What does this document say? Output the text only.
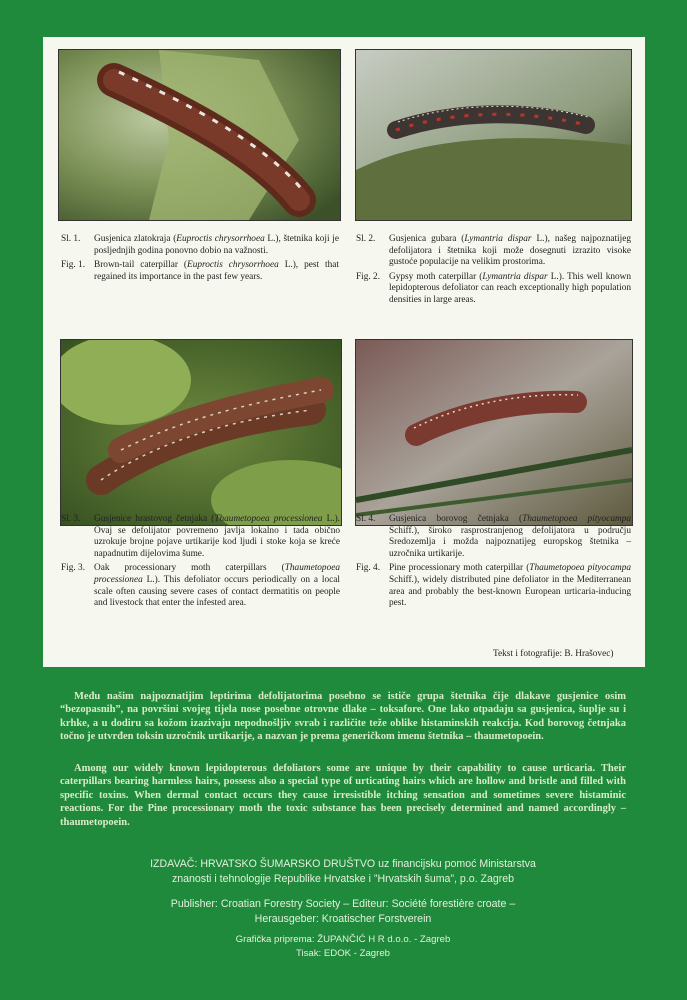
Sl. 1.	Gusjenica zlatokraja (Euproctis chrysorrhoea L.), štetnika koji je posljednjih godina ponovno dobio na važnosti.
Fig. 1. Brown-tail caterpillar (Euproctis chrysorrhoea L.), pest that regained its importance in the past few years.
Sl. 2.	Gusjenica gubara (Lymantria dispar L.), našeg najpoznatijeg defolijatora i štetnika koji može dosegnuti izrazito visoke gustoće populacije na velikim prostorima.
Fig. 2. Gypsy moth caterpillar (Lymantria dispar L.). This well known lepidopterous defoliator can reach exceptionally high population densities in large areas.
Sl. 3.	Gusjenice hrastovog četnjaka (Thaumetopoea processionea L.). Ovaj se defolijator povremeno javlja lokalno i tada obično uzrokuje brojne pojave urtikarije kod ljudi i stoke koja se kreće napadnutim dijelovima šume.
Fig. 3. Oak processionary moth caterpillars (Thaumetopoea processionea L.). This defoliator occurs periodically on a local scale often causing severe cases of contact dermatitis on people and livestock that enter the infested area.
Sl. 4.	Gusjenica borovog četnjaka (Thaumetopoea pityocampa Schiff.), široko rasprostranjenog defolijatora u području Sredozemlja i možda najpoznatijeg europskog štetnika – uzročnika urtikarije.
Fig. 4. Pine processionary moth caterpillar (Thaumetopoea pityocampa Schiff.), widely distributed pine defoliator in the Mediterranean area and probably the best-known European urticaria-inducing pest.
Tekst i fotografije: B. Hrašovec)

Među našim najpoznatijim leptirima defolijatorima posebno se ističe grupa štetnika čije dlakave gusjenice osim “bezopasnih”, na površini svojeg tijela nose posebne otrovne dlake – toksafore. One lako otpadaju sa gusjenica, šuplje su i krhke, a u dodiru sa kožom izazivaju nepodnošljiv svrab i različite teže oblike histaminskih reakcija. Kod borovog četnjaka točno je utvrđen toksin uzročnik urtikarije, a nazvan je prema generičkom imenu štetnika – thaumetopoein.

Among our widely known lepidopterous defoliators some are unique by their capability to cause urticaria. Their caterpillars bearing harmless hairs, possess also a special type of urticating hairs which are hollow and bristle and filled with specific toxins. When dermal contact occurs they cause irresistible itching sensation and sometimes severe histaminic reactions. For the Pine processionary moth the toxic substance has been precisely determined and named accordingly – thaumetopoein.

IZDAVAČ: HRVATSKO ŠUMARSKO DRUŠTVO uz financijsku pomoć Ministarstva
znanosti i tehnologije Republike Hrvatske i ”Hrvatskih šuma”, p.o. Zagreb
Publisher: Croatian Forestry Society – Editeur: Société forestière croate –
Herausgeber: Kroatischer Forstverein
Grafička priprema: ŽUPANČIĆ H R d.o.o. - Zagreb
Tisak: EDOK - Zagreb
